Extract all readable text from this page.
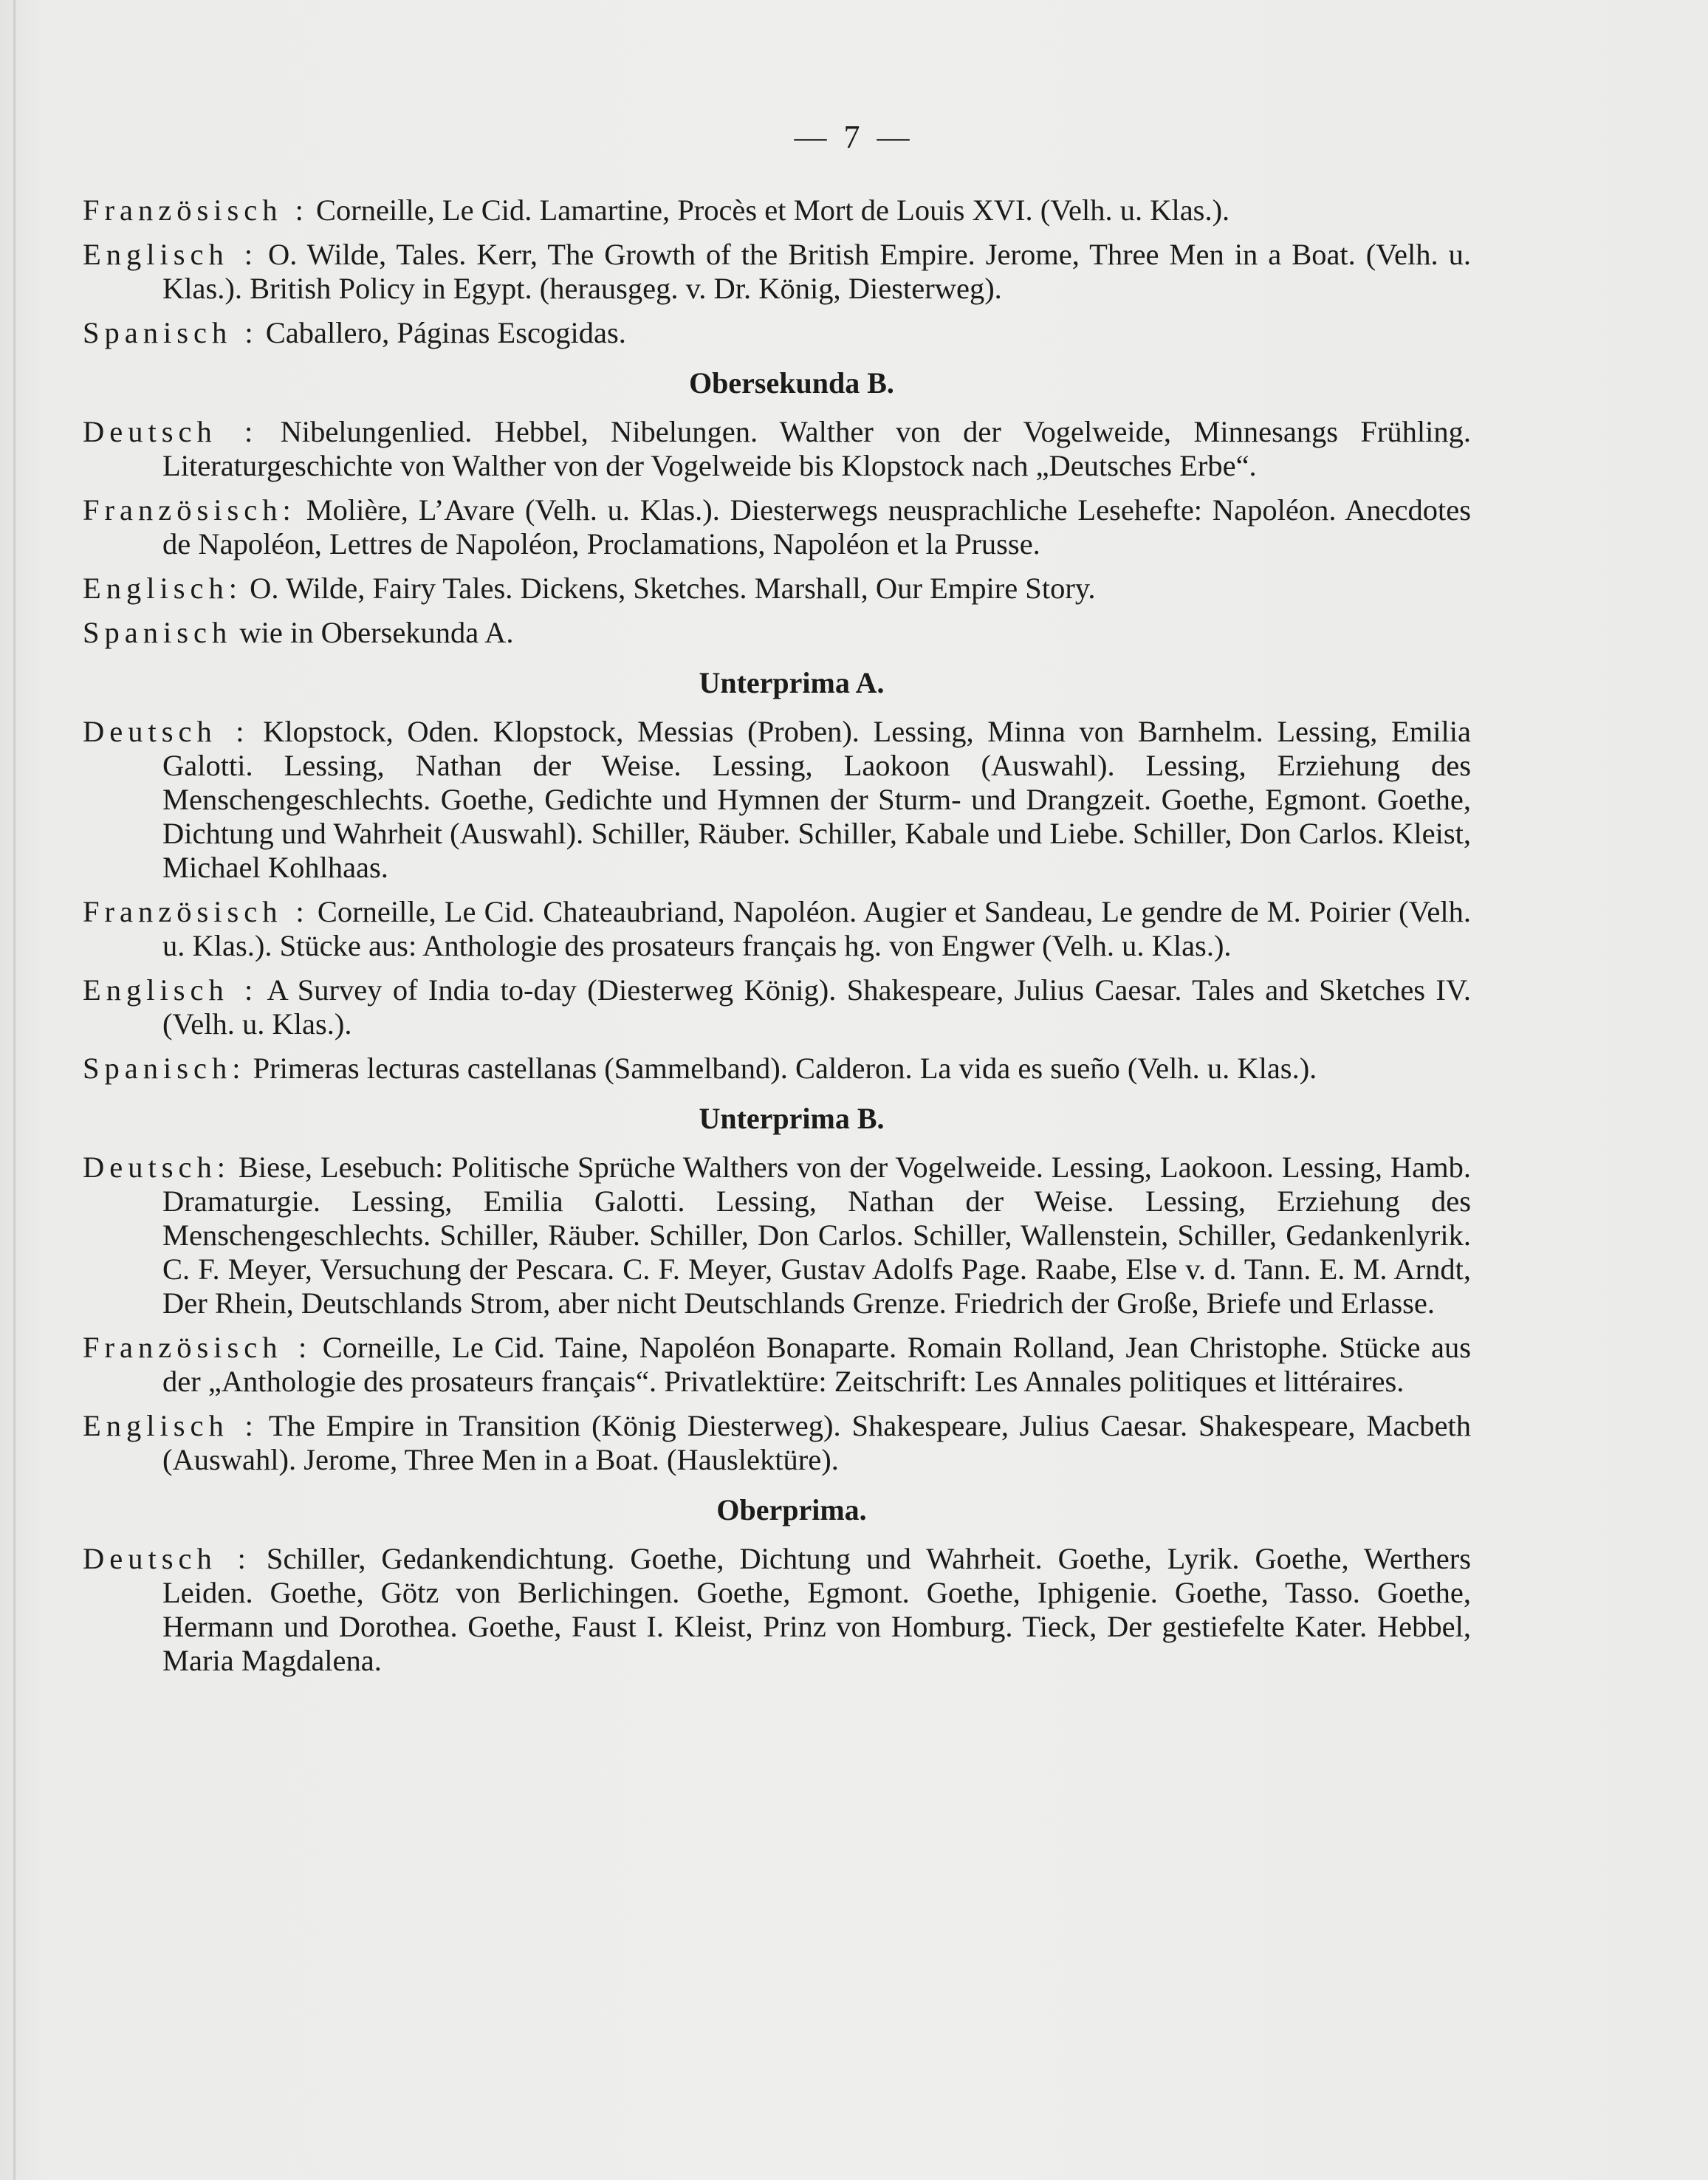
— 7 —

Französisch : Corneille, Le Cid. Lamartine, Procès et Mort de Louis XVI. (Velh. u. Klas.).

Englisch : O. Wilde, Tales. Kerr, The Growth of the British Empire. Jerome, Three Men in a Boat. (Velh. u. Klas.). British Policy in Egypt. (herausgeg. v. Dr. König, Diesterweg).

Spanisch : Caballero, Páginas Escogidas.

Obersekunda B.

Deutsch : Nibelungenlied. Hebbel, Nibelungen. Walther von der Vogelweide, Minnesangs Frühling. Literaturgeschichte von Walther von der Vogelweide bis Klopstock nach „Deutsches Erbe“.

Französisch: Molière, L’Avare (Velh. u. Klas.). Diesterwegs neusprachliche Lesehefte: Napoléon. Anecdotes de Napoléon, Lettres de Napoléon, Proclamations, Napoléon et la Prusse.

Englisch: O. Wilde, Fairy Tales. Dickens, Sketches. Marshall, Our Empire Story.

Spanisch wie in Obersekunda A.

Unterprima A.

Deutsch : Klopstock, Oden. Klopstock, Messias (Proben). Lessing, Minna von Barnhelm. Lessing, Emilia Galotti. Lessing, Nathan der Weise. Lessing, Laokoon (Auswahl). Lessing, Erziehung des Menschengeschlechts. Goethe, Gedichte und Hymnen der Sturm- und Drangzeit. Goethe, Egmont. Goethe, Dichtung und Wahrheit (Auswahl). Schiller, Räuber. Schiller, Kabale und Liebe. Schiller, Don Carlos. Kleist, Michael Kohlhaas.

Französisch : Corneille, Le Cid. Chateaubriand, Napoléon. Augier et Sandeau, Le gendre de M. Poirier (Velh. u. Klas.). Stücke aus: Anthologie des prosateurs français hg. von Engwer (Velh. u. Klas.).

Englisch : A Survey of India to-day (Diesterweg König). Shakespeare, Julius Caesar. Tales and Sketches IV. (Velh. u. Klas.).

Spanisch: Primeras lecturas castellanas (Sammelband). Calderon. La vida es sueño (Velh. u. Klas.).

Unterprima B.

Deutsch: Biese, Lesebuch: Politische Sprüche Walthers von der Vogelweide. Lessing, Laokoon. Lessing, Hamb. Dramaturgie. Lessing, Emilia Galotti. Lessing, Nathan der Weise. Lessing, Erziehung des Menschengeschlechts. Schiller, Räuber. Schiller, Don Carlos. Schiller, Wallenstein, Schiller, Gedankenlyrik. C. F. Meyer, Versuchung der Pescara. C. F. Meyer, Gustav Adolfs Page. Raabe, Else v. d. Tann. E. M. Arndt, Der Rhein, Deutschlands Strom, aber nicht Deutschlands Grenze. Friedrich der Große, Briefe und Erlasse.

Französisch : Corneille, Le Cid. Taine, Napoléon Bonaparte. Romain Rolland, Jean Christophe. Stücke aus der „Anthologie des prosateurs français“. Privatlektüre: Zeitschrift: Les Annales politiques et littéraires.

Englisch : The Empire in Transition (König Diesterweg). Shakespeare, Julius Caesar. Shakespeare, Macbeth (Auswahl). Jerome, Three Men in a Boat. (Hauslektüre).

Oberprima.

Deutsch : Schiller, Gedankendichtung. Goethe, Dichtung und Wahrheit. Goethe, Lyrik. Goethe, Werthers Leiden. Goethe, Götz von Berlichingen. Goethe, Egmont. Goethe, Iphigenie. Goethe, Tasso. Goethe, Hermann und Dorothea. Goethe, Faust I. Kleist, Prinz von Homburg. Tieck, Der gestiefelte Kater. Hebbel, Maria Magdalena.
